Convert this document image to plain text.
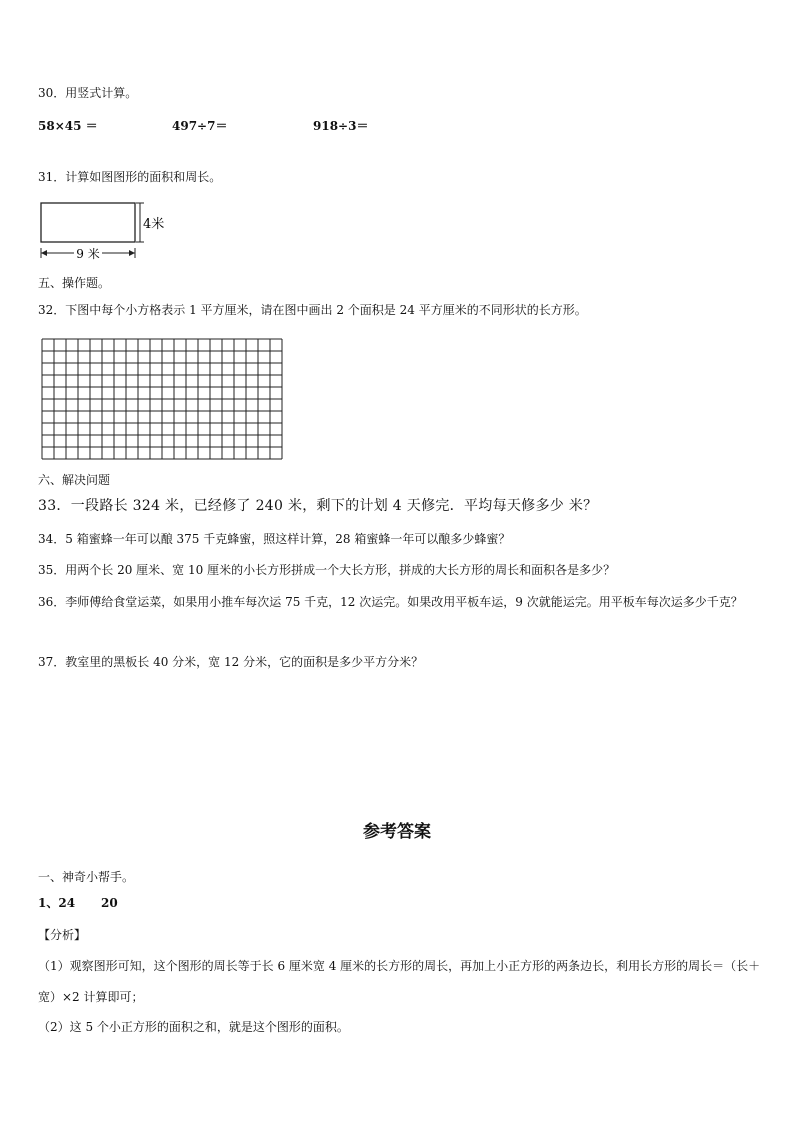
30．用竖式计算。
58×45 ＝	497÷7＝	918÷3＝
31．计算如图图形的面积和周长。
9 米
4米
五、操作题。
32．下图中每个小方格表示 1 平方厘米，请在图中画出 2 个面积是 24 平方厘米的不同形状的长方形。
六、解决问题
33．一段路长 324 米，已经修了 240 米，剩下的计划 4 天修完．平均每天修多少 米？
34．5 箱蜜蜂一年可以酿 375 千克蜂蜜，照这样计算，28 箱蜜蜂一年可以酿多少蜂蜜？
35．用两个长 20 厘米、宽 10 厘米的小长方形拼成一个大长方形，拼成的大长方形的周长和面积各是多少？
36．李师傅给食堂运菜，如果用小推车每次运 75 千克，12 次运完。如果改用平板车运，9 次就能运完。用平板车每次运多少千克？
37．教室里的黑板长 40 分米，宽 12 分米，它的面积是多少平方分米？
参考答案
一、神奇小帮手。
1、24 20
【分析】
（1）观察图形可知，这个图形的周长等于长 6 厘米宽 4 厘米的长方形的周长，再加上小正方形的两条边长，利用长方形的周长＝（长＋宽）×2 计算即可；
（2）这 5 个小正方形的面积之和，就是这个图形的面积。
